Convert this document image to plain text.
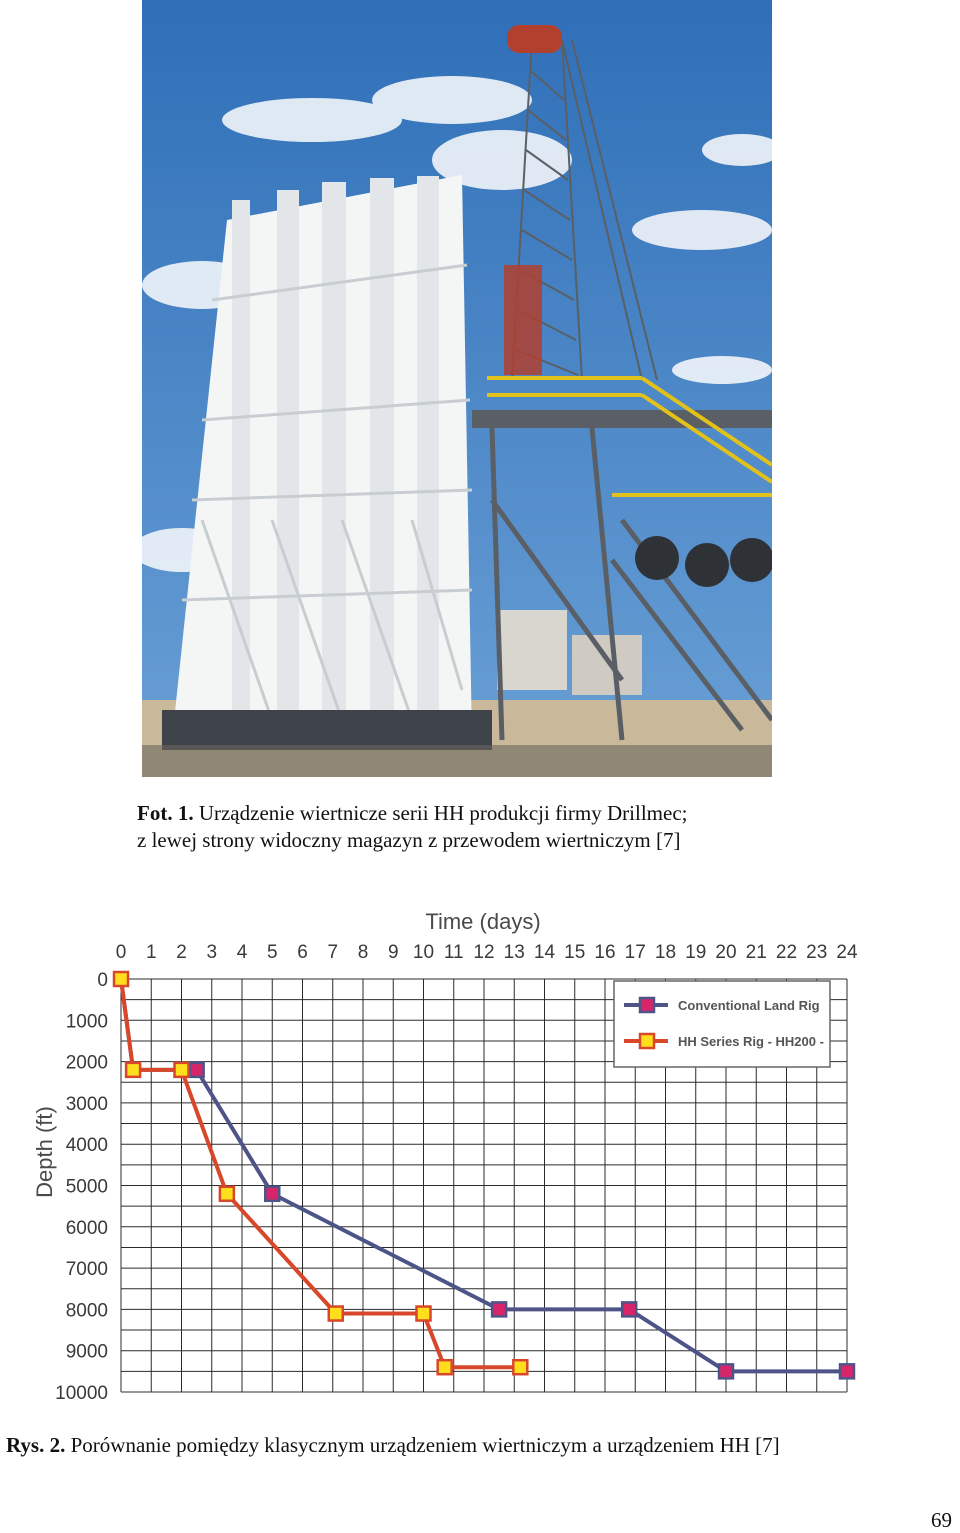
Fot. 1. Urządzenie wiertnicze serii HH produkcji firmy Drillmec;
z lewej strony widoczny magazyn z przewodem wiertniczym [7]
Time (days)
Depth (ft)
0 1 2 3 4 5 6 7 8 9 10 11 12 13 14 15 16 17 18 19 20 21 22 23 24
0
1000
2000
3000
4000
5000
6000
7000
8000
9000
10000
Conventional Land Rig
HH Series Rig - HH200 -
Rys. 2. Porównanie pomiędzy klasycznym urządzeniem wiertniczym a urządzeniem HH [7]
69
